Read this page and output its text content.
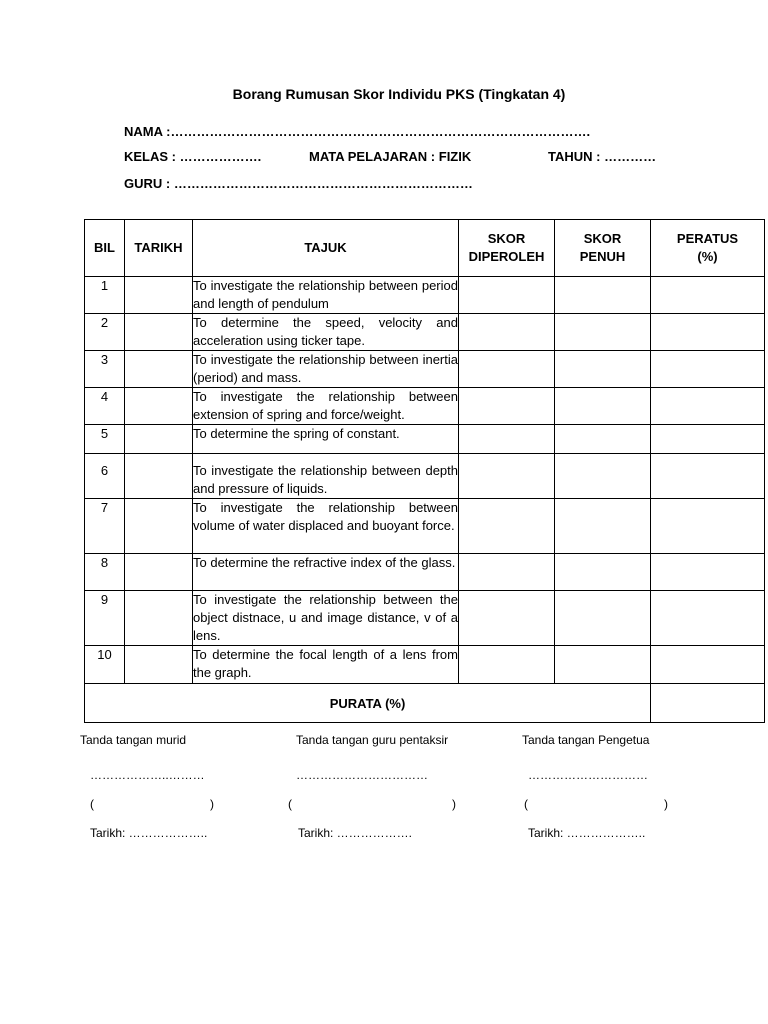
Borang Rumusan Skor Individu PKS (Tingkatan 4)
NAMA :…………………………………………………………………………………….
KELAS : ……………….	MATA PELAJARAN : FIZIK	TAHUN : …………
GURU : ……………………………………………………………
BIL	TARIKH	TAJUK	SKOR DIPEROLEH	SKOR PENUH	PERATUS (%)

1		To investigate the relationship between period and length of pendulum			

2		To determine the speed, velocity and acceleration using ticker tape.			

3		To investigate the relationship between inertia (period) and mass.			

4		To investigate the relationship between extension of spring and force/weight.			

5		To determine the spring of constant.			

6		To investigate the relationship between depth and pressure of liquids.			

7		To investigate the relationship between volume of water displaced and buoyant force.			

8		To determine the refractive index of the glass.			

9		To investigate the relationship between the object distnace, u and image distance, v of a lens.			

10		To determine the focal length of a lens from the graph.			

PURATA (%)					
Tanda tangan murid	Tanda tangan guru pentaksir	Tanda tangan Pengetua
………………..………	……………………………	…………………………
(	)	(	)	(	)
Tarikh: ………………..	Tarikh: ……………….	Tarikh: ………………..
